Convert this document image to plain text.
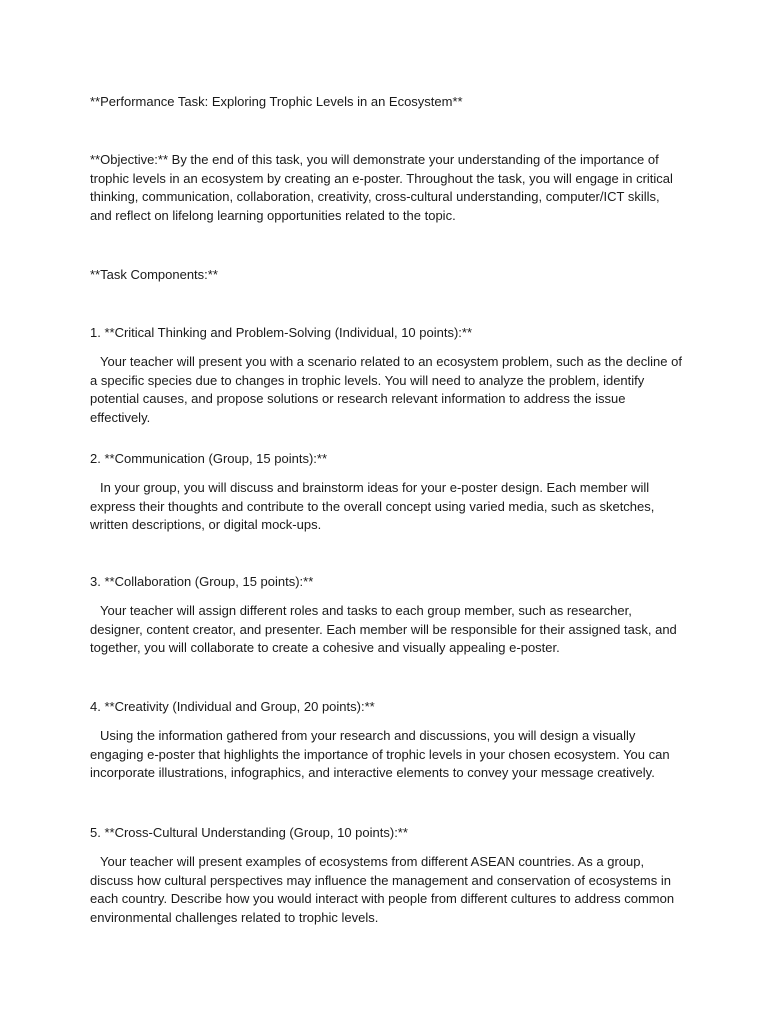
**Performance Task: Exploring Trophic Levels in an Ecosystem**
**Objective:** By the end of this task, you will demonstrate your understanding of the importance of trophic levels in an ecosystem by creating an e-poster. Throughout the task, you will engage in critical thinking, communication, collaboration, creativity, cross-cultural understanding, computer/ICT skills, and reflect on lifelong learning opportunities related to the topic.
**Task Components:**
1. **Critical Thinking and Problem-Solving (Individual, 10 points):**
Your teacher will present you with a scenario related to an ecosystem problem, such as the decline of a specific species due to changes in trophic levels. You will need to analyze the problem, identify potential causes, and propose solutions or research relevant information to address the issue effectively.
2. **Communication (Group, 15 points):**
In your group, you will discuss and brainstorm ideas for your e-poster design. Each member will express their thoughts and contribute to the overall concept using varied media, such as sketches, written descriptions, or digital mock-ups.
3. **Collaboration (Group, 15 points):**
Your teacher will assign different roles and tasks to each group member, such as researcher, designer, content creator, and presenter. Each member will be responsible for their assigned task, and together, you will collaborate to create a cohesive and visually appealing e-poster.
4. **Creativity (Individual and Group, 20 points):**
Using the information gathered from your research and discussions, you will design a visually engaging e-poster that highlights the importance of trophic levels in your chosen ecosystem. You can incorporate illustrations, infographics, and interactive elements to convey your message creatively.
5. **Cross-Cultural Understanding (Group, 10 points):**
Your teacher will present examples of ecosystems from different ASEAN countries. As a group, discuss how cultural perspectives may influence the management and conservation of ecosystems in each country. Describe how you would interact with people from different cultures to address common environmental challenges related to trophic levels.
